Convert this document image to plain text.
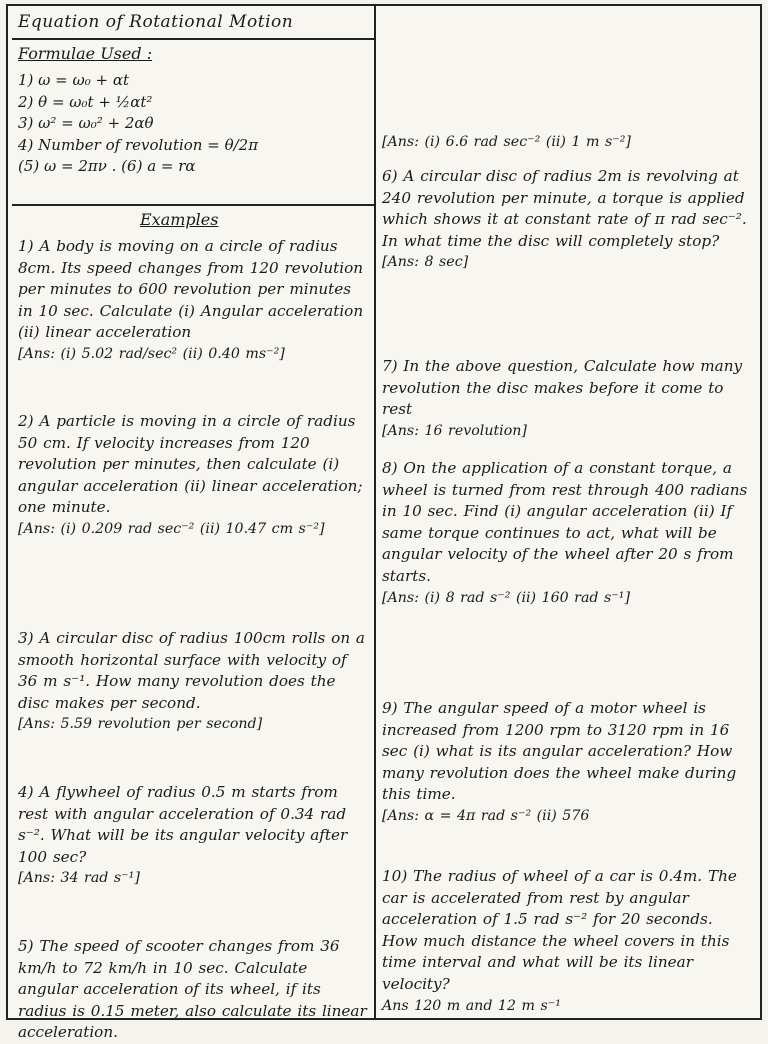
Equation of Rotational Motion
Formulae Used :
1) ω = ω₀ + αt
2) θ = ω₀t + ½αt²
3) ω² = ω₀² + 2αθ
4) Number of revolution = θ/2π
(5) ω = 2πν . (6) a = rα
Examples

1) A body is moving on a circle of radius 8cm. Its speed changes from 120 revolution per minutes to 600 revolution per minutes in 10 sec. Calculate (i) Angular acceleration (ii) linear acceleration

[Ans: (i) 5.02 rad/sec² (ii) 0.40 ms⁻²]

2) A particle is moving in a circle of radius 50 cm. If velocity increases from 120 revolution per minutes, then calculate (i) angular acceleration (ii) linear acceleration; one minute.

[Ans: (i) 0.209 rad sec⁻² (ii) 10.47 cm s⁻²]

3) A circular disc of radius 100cm rolls on a smooth horizontal surface with velocity of 36 m s⁻¹. How many revolution does the disc makes per second.

[Ans: 5.59 revolution per second]

4) A flywheel of radius 0.5 m starts from rest with angular acceleration of 0.34 rad s⁻². What will be its angular velocity after 100 sec?

[Ans: 34 rad s⁻¹]

5) The speed of scooter changes from 36 km/h to 72 km/h in 10 sec. Calculate angular acceleration of its wheel, if its radius is 0.15 meter, also calculate its linear acceleration.

[Ans: (i) 6.6 rad sec⁻² (ii) 1 m s⁻²]

6) A circular disc of radius 2m is revolving at 240 revolution per minute, a torque is applied which shows it at constant rate of π rad sec⁻². In what time the disc will completely stop?

[Ans: 8 sec]

7) In the above question, Calculate how many revolution the disc makes before it come to rest

[Ans: 16 revolution]

8) On the application of a constant torque, a wheel is turned from rest through 400 radians in 10 sec. Find (i) angular acceleration (ii) If same torque continues to act, what will be angular velocity of the wheel after 20 s from starts.

[Ans: (i) 8 rad s⁻² (ii) 160 rad s⁻¹]

9) The angular speed of a motor wheel is increased from 1200 rpm to 3120 rpm in 16 sec (i) what is its angular acceleration? How many revolution does the wheel make during this time.

[Ans: α = 4π rad s⁻² (ii) 576

10) The radius of wheel of a car is 0.4m. The car is accelerated from rest by angular acceleration of 1.5 rad s⁻² for 20 seconds. How much distance the wheel covers in this time interval and what will be its linear velocity?

Ans 120 m and 12 m s⁻¹
